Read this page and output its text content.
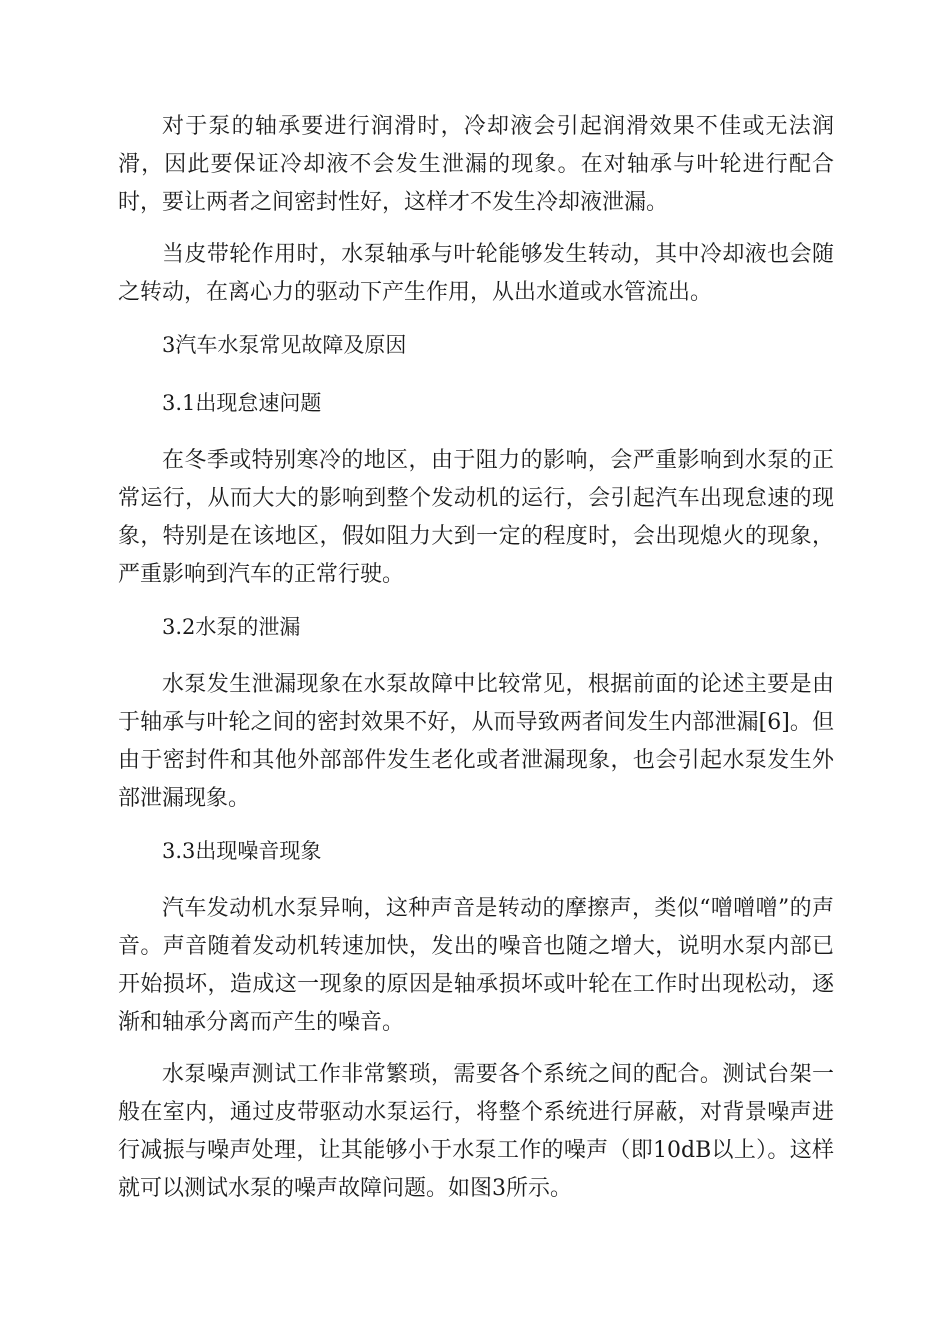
对于泵的轴承要进行润滑时，冷却液会引起润滑效果不佳或无法润滑，因此要保证冷却液不会发生泄漏的现象。在对轴承与叶轮进行配合时，要让两者之间密封性好，这样才不发生冷却液泄漏。

当皮带轮作用时，水泵轴承与叶轮能够发生转动，其中冷却液也会随之转动，在离心力的驱动下产生作用，从出水道或水管流出。

3汽车水泵常见故障及原因

3.1出现怠速问题

在冬季或特别寒冷的地区，由于阻力的影响，会严重影响到水泵的正常运行，从而大大的影响到整个发动机的运行，会引起汽车出现怠速的现象，特别是在该地区，假如阻力大到一定的程度时，会出现熄火的现象，严重影响到汽车的正常行驶。

3.2水泵的泄漏

水泵发生泄漏现象在水泵故障中比较常见，根据前面的论述主要是由于轴承与叶轮之间的密封效果不好，从而导致两者间发生内部泄漏[6]。但由于密封件和其他外部部件发生老化或者泄漏现象，也会引起水泵发生外部泄漏现象。

3.3出现噪音现象

汽车发动机水泵异响，这种声音是转动的摩擦声，类似“噌噌噌”的声音。声音随着发动机转速加快，发出的噪音也随之增大，说明水泵内部已开始损坏，造成这一现象的原因是轴承损坏或叶轮在工作时出现松动，逐渐和轴承分离而产生的噪音。

水泵噪声测试工作非常繁琐，需要各个系统之间的配合。测试台架一般在室内，通过皮带驱动水泵运行，将整个系统进行屏蔽，对背景噪声进行减振与噪声处理，让其能够小于水泵工作的噪声（即10dB以上）。这样就可以测试水泵的噪声故障问题。如图3所示。
